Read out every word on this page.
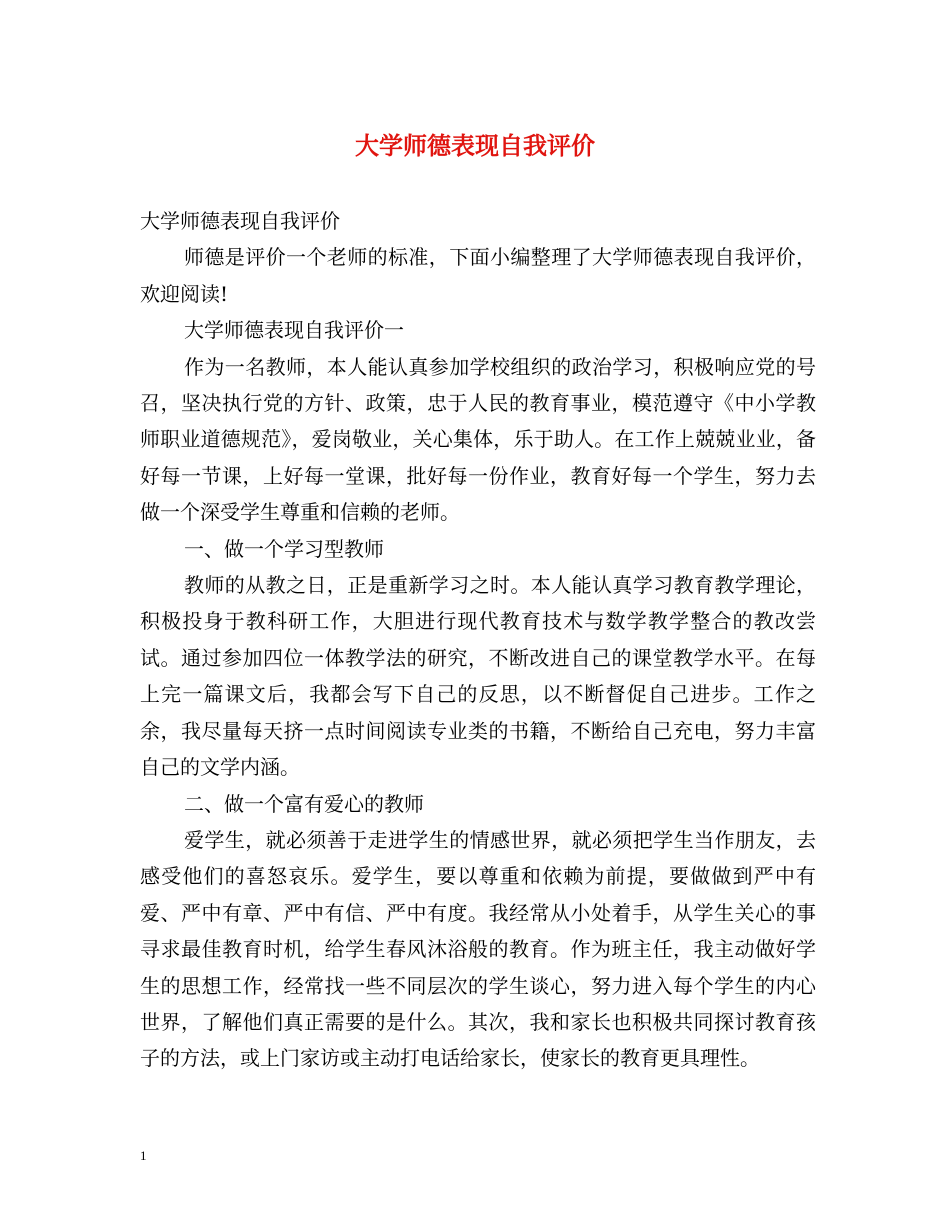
大学师德表现自我评价

大学师德表现自我评价

师德是评价一个老师的标准，下面小编整理了大学师德表现自我评价，欢迎阅读!

大学师德表现自我评价一

作为一名教师，本人能认真参加学校组织的政治学习，积极响应党的号召，坚决执行党的方针、政策，忠于人民的教育事业，模范遵守《中小学教师职业道德规范》，爱岗敬业，关心集体，乐于助人。在工作上兢兢业业，备好每一节课，上好每一堂课，批好每一份作业，教育好每一个学生，努力去做一个深受学生尊重和信赖的老师。

一、做一个学习型教师

教师的从教之日，正是重新学习之时。本人能认真学习教育教学理论，积极投身于教科研工作，大胆进行现代教育技术与数学教学整合的教改尝试。通过参加四位一体教学法的研究，不断改进自己的课堂教学水平。在每上完一篇课文后，我都会写下自己的反思，以不断督促自己进步。工作之余，我尽量每天挤一点时间阅读专业类的书籍，不断给自己充电，努力丰富自己的文学内涵。

二、做一个富有爱心的教师

爱学生，就必须善于走进学生的情感世界，就必须把学生当作朋友，去感受他们的喜怒哀乐。爱学生，要以尊重和依赖为前提，要做做到严中有爱、严中有章、严中有信、严中有度。我经常从小处着手，从学生关心的事寻求最佳教育时机，给学生春风沐浴般的教育。作为班主任，我主动做好学生的思想工作，经常找一些不同层次的学生谈心，努力进入每个学生的内心世界，了解他们真正需要的是什么。其次，我和家长也积极共同探讨教育孩子的方法，或上门家访或主动打电话给家长，使家长的教育更具理性。

1
